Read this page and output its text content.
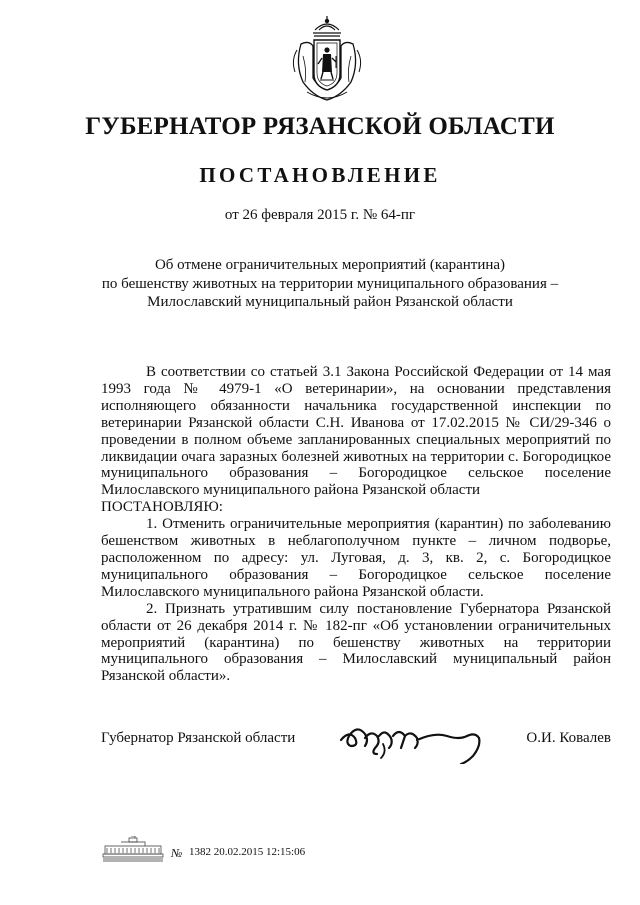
ГУБЕРНАТОР РЯЗАНСКОЙ ОБЛАСТИ
ПОСТАНОВЛЕНИЕ

от 26 февраля 2015 г. № 64-пг

Об отмене ограничительных мероприятий (карантина)
по бешенству животных на территории муниципального образования –
Милославский муниципальный район Рязанской области

В соответствии со статьей 3.1 Закона Российской Федерации от 14 мая 1993 года № 4979-1 «О ветеринарии», на основании представления исполняющего обязанности начальника государственной инспекции по ветеринарии Рязанской области С.Н. Иванова от 17.02.2015 № СИ/29-346 о проведении в полном объеме запланированных специальных мероприятий по ликвидации очага заразных болезней животных на территории с. Богородицкое муниципального образования – Богородицкое сельское поселение Милославского муниципального района Рязанской области

ПОСТАНОВЛЯЮ:

1. Отменить ограничительные мероприятия (карантин) по заболеванию бешенством животных в неблагополучном пункте – личном подворье, расположенном по адресу: ул. Луговая, д. 3, кв. 2, с. Богородицкое муниципального образования – Богородицкое сельское поселение Милославского муниципального района Рязанской области.

2. Признать утратившим силу постановление Губернатора Рязанской области от 26 декабря 2014 г. № 182-пг «Об установлении ограничительных мероприятий (карантина) по бешенству животных на территории муниципального образования – Милославский муниципальный район Рязанской области».

Губернатор Рязанской области	О.И. Ковалев
№ 1382 20.02.2015 12:15:06
